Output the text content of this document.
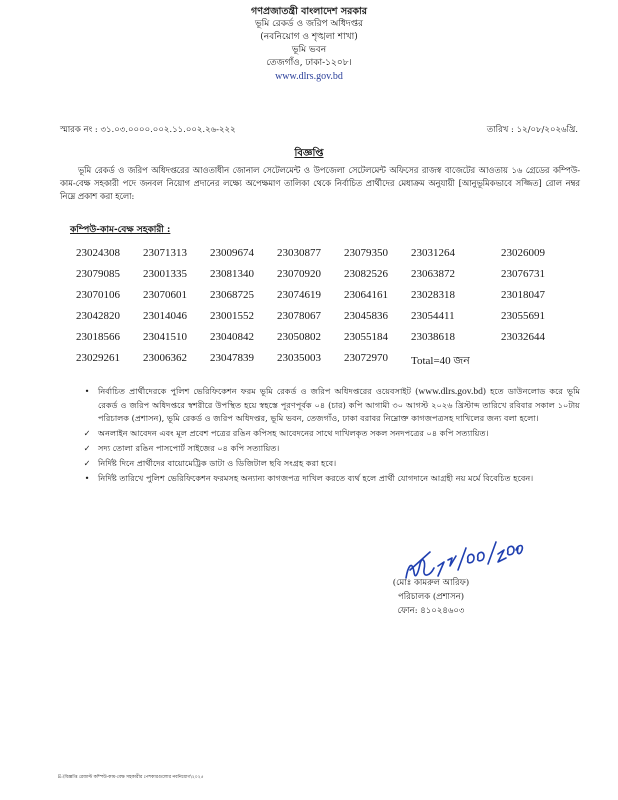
গণপ্রজাতন্ত্রী বাংলাদেশ সরকার
ভূমি রেকর্ড ও জরিপ অধিদপ্তর
(নবনিয়োগ ও শৃঙ্খলা শাখা)
ভূমি ভবন
তেজগাঁও, ঢাকা-১২০৮।
www.dlrs.gov.bd
স্মারক নং : ৩১.০৩.০০০০.০০২.১১.০০২.২৬-২২২	তারিখ : ১২/০৮/২০২৬খ্রি.
বিজ্ঞপ্তি
ভূমি রেকর্ড ও জরিপ অধিদপ্তরের আওতাধীন জোনাল সেটেলমেন্ট ও উপজেলা সেটেলমেন্ট অফিসের রাজস্ব বাজেটের আওতায় ১৬ গ্রেডের কম্পিউ-কাম-বেক্ষ সহকারী পদে জনবল নিয়োগ প্রদানের লক্ষ্যে অপেক্ষমাণ তালিকা থেকে নির্বাচিত প্রার্থীদের মেধাক্রম অনুযায়ী [আনুভূমিকভাবে সজ্জিত] রোল নম্বর নিম্নে প্রকাশ করা হলো:
কম্পিউ-কাম-বেক্ষ সহকারী :
23024308	23071313	23009674	23030877	23079350	23031264	23026009
23079085	23001335	23081340	23070920	23082526	23063872	23076731
23070106	23070601	23068725	23074619	23064161	23028318	23018047
23042820	23014046	23001552	23078067	23045836	23054411	23055691
23018566	23041510	23040842	23050802	23055184	23038618	23032644
23029261	23006362	23047839	23035003	23072970	Total=40 জন	
•	নির্বাচিত প্রার্থীদেরকে পুলিশ ভেরিফিকেশন ফরম ভূমি রেকর্ড ও জরিপ অধিদপ্তরের ওয়েবসাইট (www.dlrs.gov.bd) হতে ডাউনলোড করে ভূমি রেকর্ড ও জরিপ অধিদপ্তরে স্বশরীরে উপস্থিত হয়ে স্বহস্তে পূরণপূর্বক ০৪ (চার) কপি আগামী ৩০ আগস্ট ২০২৬ খ্রিস্টাব্দ তারিখে রবিবার সকাল ১০টায় পরিচালক (প্রশাসন), ভূমি রেকর্ড ও জরিপ অধিদপ্তর, ভূমি ভবন, তেজগাঁও, ঢাকা বরাবর নিম্নোক্ত কাগজপত্রসহ দাখিলের জন্য বলা হলো।
✓ অনলাইন আবেদন এবং মূল প্রবেশ পত্রের রঙিন কপিসহ আবেদনের সাথে দাখিলকৃত সকল সনদপত্রের ০৪ কপি সত্যায়িত।
✓ সদ্য তোলা রঙিন পাসপোর্ট সাইজের ০৪ কপি সত্যায়িত।
✓ নির্দিষ্ট দিনে প্রার্থীদের বায়োমেট্রিক ডাটা ও ডিজিটাল ছবি সংগ্রহ করা হবে।
•	নির্দিষ্ট তারিখে পুলিশ ভেরিফিকেশন ফরমসহ অন্যান্য কাগজপত্র দাখিল করতে ব্যর্থ হলে প্রার্থী যোগদানে আগ্রহী নয় মর্মে বিবেচিত হবেন।
(মোঃ কামরুল আরিফ)
পরিচালক (প্রশাসন)
ফোন: ৪১০২৪৬০৩
E:\বিজ্ঞপ্তি রেজাল্ট কম্পিউ-কাম-বেক্ষ সহকারীর পেশকারগুলোর নবনিয়োগ\২০২৫
